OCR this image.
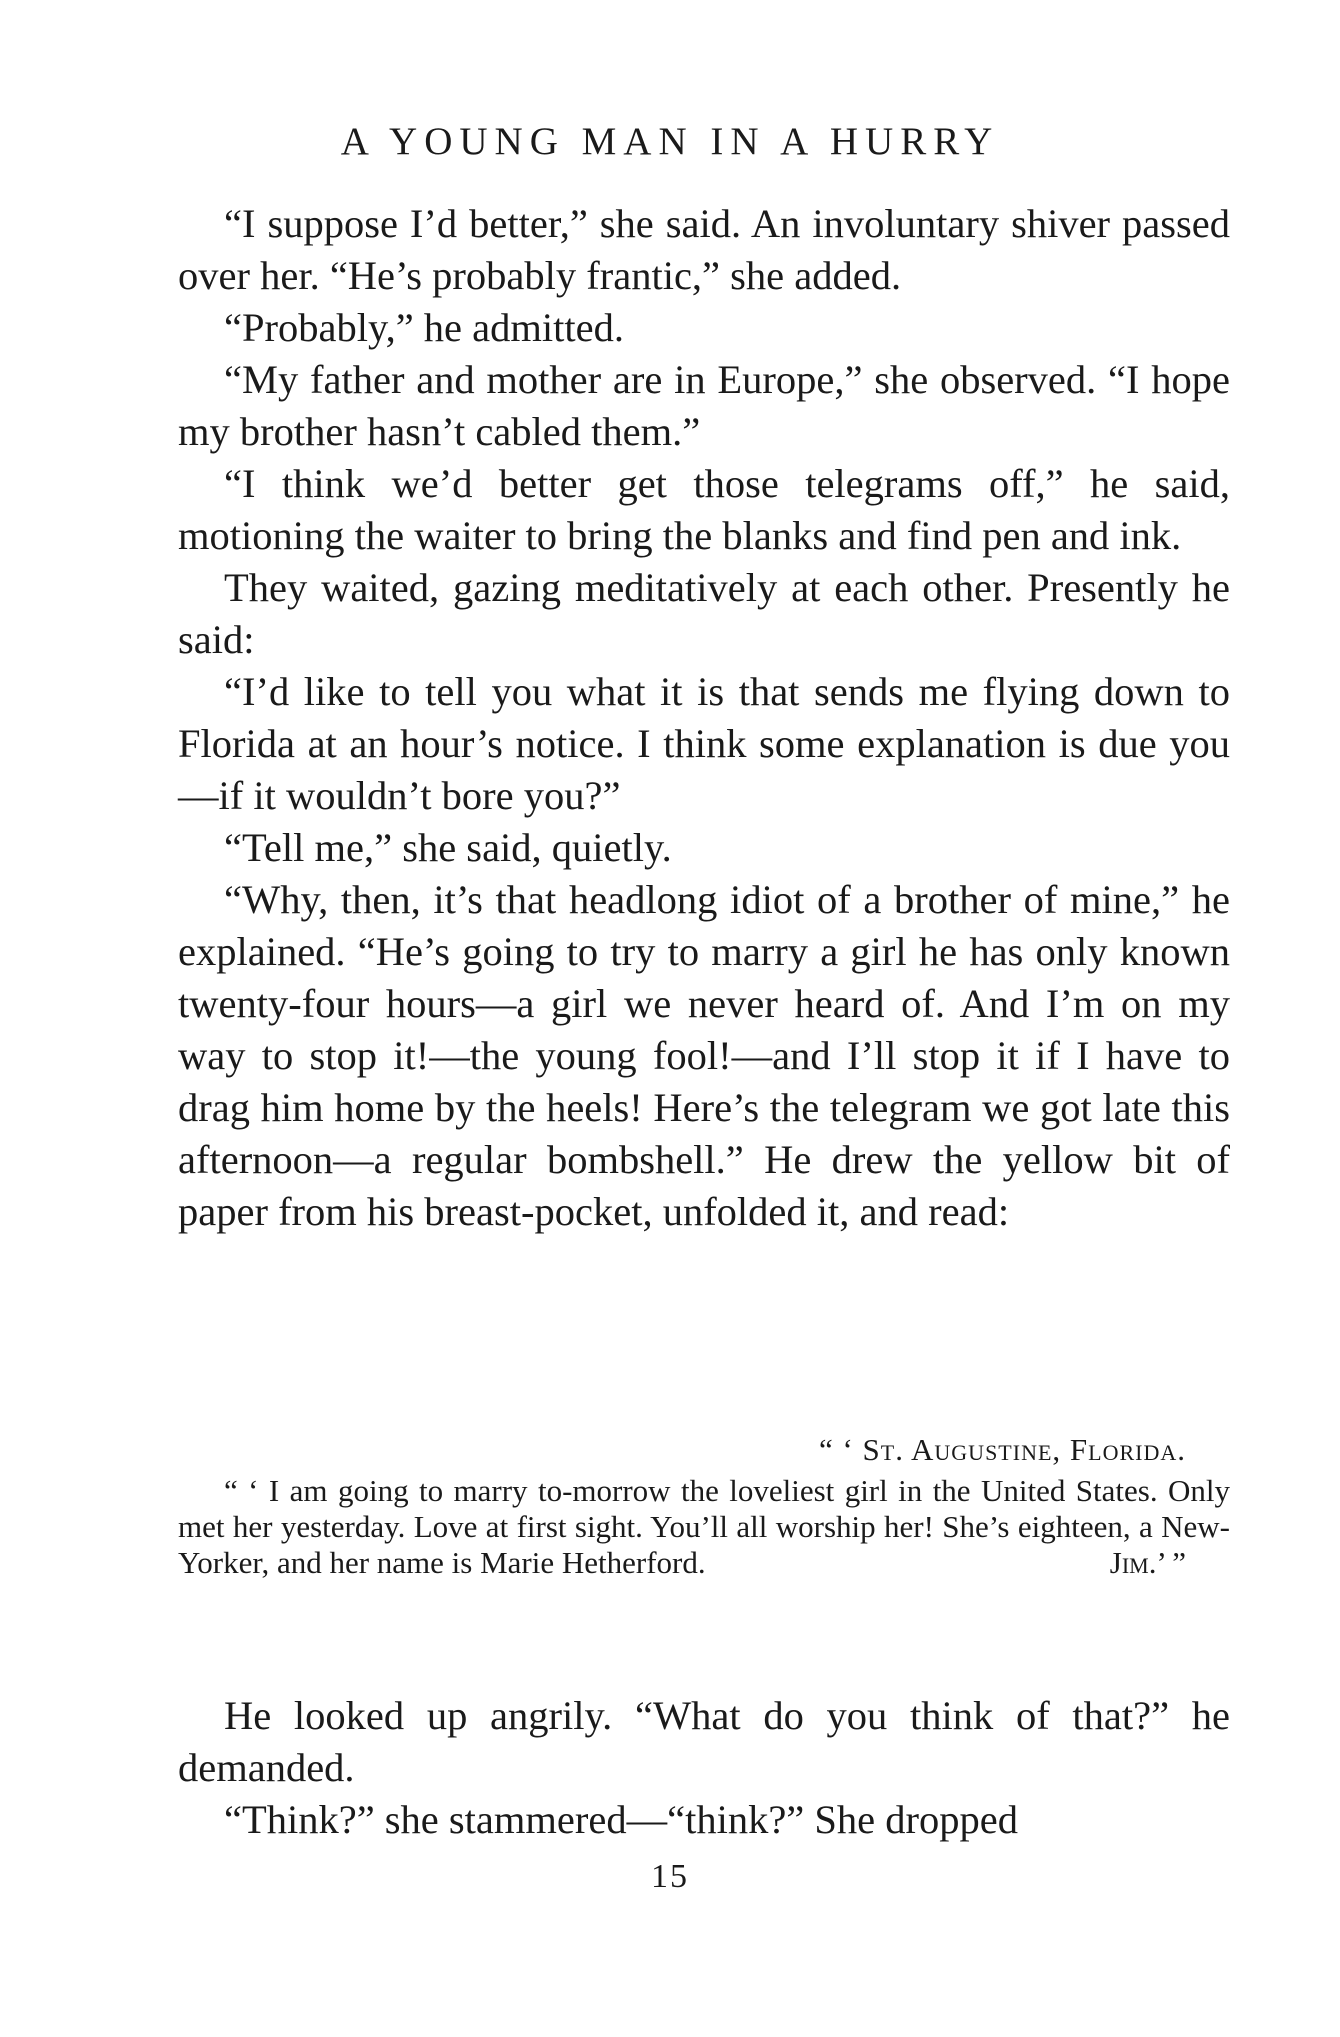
A YOUNG MAN IN A HURRY

“I suppose I’d better,” she said. An involuntary shiver passed over her. “He’s probably frantic,” she added.

“Probably,” he admitted.

“My father and mother are in Europe,” she observed. “I hope my brother hasn’t cabled them.”

“I think we’d better get those telegrams off,” he said, motioning the waiter to bring the blanks and find pen and ink.

They waited, gazing meditatively at each other. Presently he said:

“I’d like to tell you what it is that sends me flying down to Florida at an hour’s notice. I think some explanation is due you—if it wouldn’t bore you?”

“Tell me,” she said, quietly.

“Why, then, it’s that headlong idiot of a brother of mine,” he explained. “He’s going to try to marry a girl he has only known twenty-four hours—a girl we never heard of. And I’m on my way to stop it!—the young fool!—and I’ll stop it if I have to drag him home by the heels! Here’s the telegram we got late this afternoon—a regular bombshell.” He drew the yellow bit of paper from his breast-pocket, unfolded it, and read:

“ ‘ St. Augustine, Florida.

“ ‘ I am going to marry to-morrow the loveliest girl in the United States. Only met her yesterday. Love at first sight. You’ll all worship her! She’s eighteen, a New-Yorker, and her name is Marie Hetherford.	Jim.’ ”

He looked up angrily. “What do you think of that?” he demanded.

“Think?” she stammered—“think?” She dropped

15
